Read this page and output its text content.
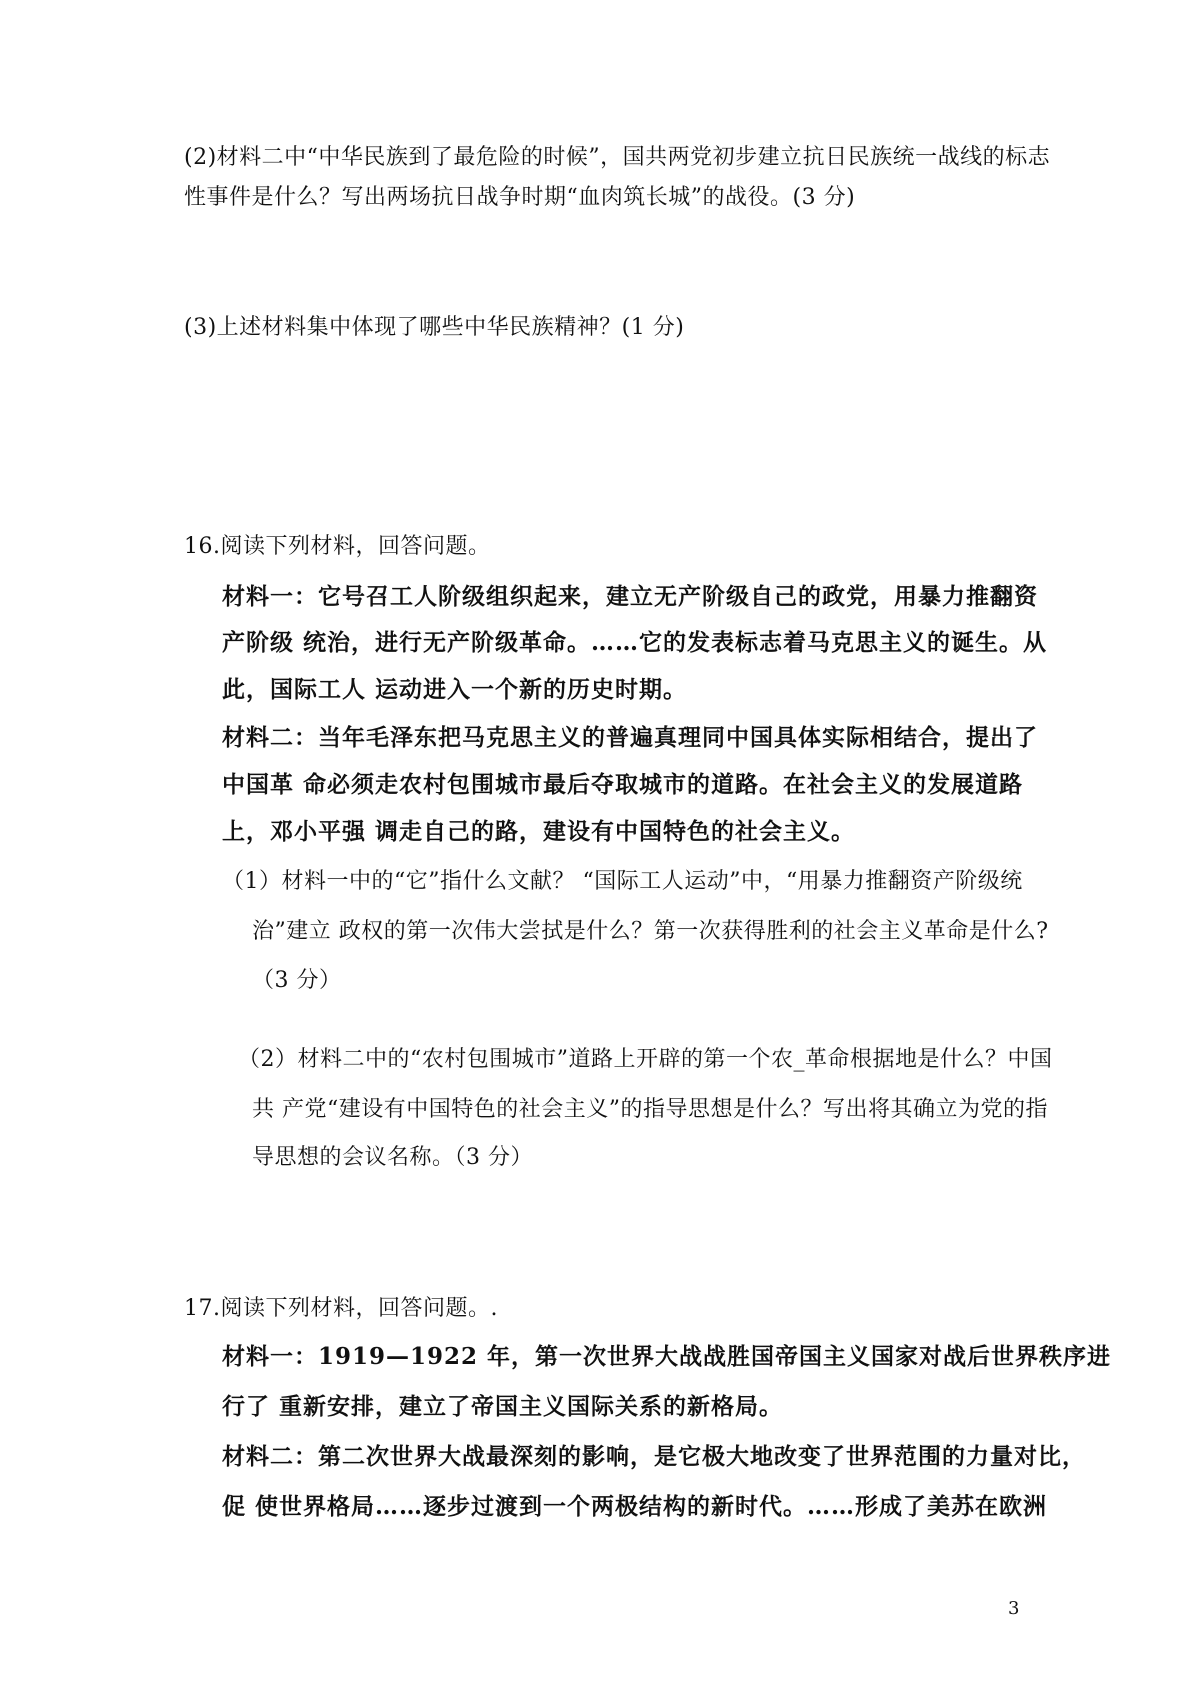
(2)材料二中“中华民族到了最危险的时候”，国共两党初步建立抗日民族统一战线的标志
性事件是什么？写出两场抗日战争时期“血肉筑长城”的战役。(3 分)
(3)上述材料集中体现了哪些中华民族精神？(1 分)
16.阅读下列材料，回答问题。
材料一：它号召工人阶级组织起来，建立无产阶级自己的政党，用暴力推翻资
产阶级 统治，进行无产阶级革命。……它的发表标志着马克思主义的诞生。从
此，国际工人 运动进入一个新的历史时期。
材料二：当年毛泽东把马克思主义的普遍真理同中国具体实际相结合，提出了
中国革 命必须走农村包围城市最后夺取城市的道路。在社会主义的发展道路
上，邓小平强 调走自己的路，建设有中国特色的社会主义。
（1）材料一中的“它”指什么文献？ “国际工人运动”中，“用暴力推翻资产阶级统
治”建立 政权的第一次伟大尝拭是什么？第一次获得胜利的社会主义革命是什么?
（3 分）
（2）材料二中的“农村包围城市”道路上开辟的第一个农_革命根据地是什么？中国
共 产党“建设有中国特色的社会主义”的指导思想是什么？写出将其确立为党的指
导思想的会议名称。（3 分）
17.阅读下列材料，回答问题。.
材料一：1919—1922 年，第一次世界大战战胜国帝国主义国家对战后世界秩序进
行了 重新安排，建立了帝国主义国际关系的新格局。
材料二：第二次世界大战最深刻的影响，是它极大地改变了世界范围的力量对比，
促 使世界格局……逐步过渡到一个两极结构的新时代。……形成了美苏在欧洲
3
